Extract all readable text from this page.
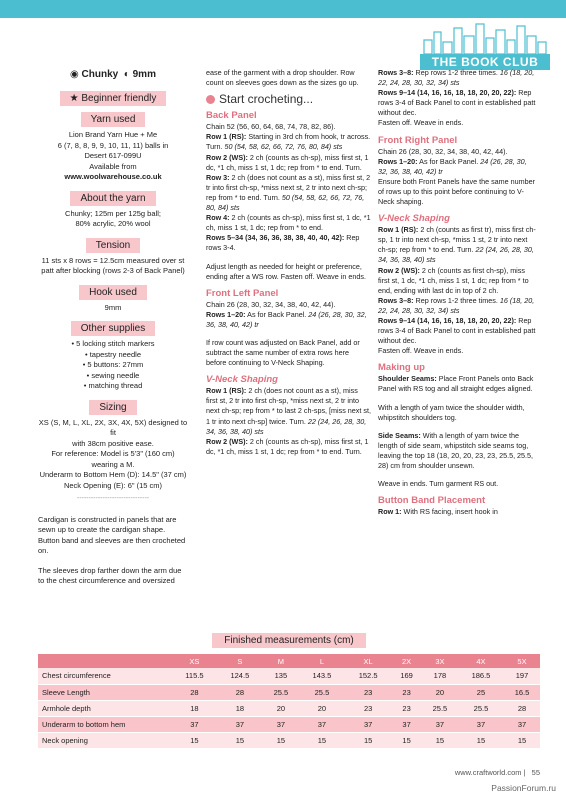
THE BOOK CLUB
◉ Chunky ◐ 9mm
★ Beginner friendly
Yarn used
Lion Brand Yarn Hue + Me
6 (7, 8, 8, 9, 9, 10, 11, 11) balls in
Desert 617-099U
Available from
www.woolwarehouse.co.uk
About the yarn
Chunky; 125m per 125g ball;
80% acrylic, 20% wool
Tension
11 sts x 8 rows = 12.5cm measured over st
patt after blocking (rows 2-3 of Back Panel)
Hook used
9mm
Other supplies
• 5 locking stitch markers
• tapestry needle
• 5 buttons: 27mm
• sewing needle
• matching thread
Sizing
XS (S, M, L, XL, 2X, 3X, 4X, 5X) designed to fit
with 38cm positive ease.
For reference: Model is 5'3" (160 cm)
wearing a M.
Underarm to Bottom Hem (D): 14.5" (37 cm)
Neck Opening (E): 6" (15 cm)
-------------------------------

Cardigan is constructed in panels that are sewn up to create the cardigan shape. Button band and sleeves are then crocheted on.

The sleeves drop farther down the arm due to the chest circumference and oversized

ease of the garment with a drop shoulder. Row count on sleeves goes down as the sizes go up.
Start crocheting...
Back Panel
Chain 52 (56, 60, 64, 68, 74, 78, 82, 86).
Row 1 (RS): Starting in 3rd ch from hook, tr across. Turn. 50 (54, 58, 62, 66, 72, 76, 80, 84) sts
Row 2 (WS): 2 ch (counts as ch-sp), miss first st, 1 dc, *1 ch, miss 1 st, 1 dc; rep from * to end. Turn.
Row 3: 2 ch (does not count as a st), miss first st, 2 tr into first ch-sp, *miss next st, 2 tr into next ch-sp; rep from * to end. Turn. 50 (54, 58, 62, 66, 72, 76, 80, 84) sts
Row 4: 2 ch (counts as ch-sp), miss first st, 1 dc, *1 ch, miss 1 st, 1 dc; rep from * to end.
Rows 5–34 (34, 36, 36, 38, 38, 40, 40, 42): Rep rows 3-4.
Adjust length as needed for height or preference, ending after a WS row. Fasten off. Weave in ends.
Front Left Panel
Chain 26 (28, 30, 32, 34, 38, 40, 42, 44).
Rows 1–20: As for Back Panel. 24 (26, 28, 30, 32, 36, 38, 40, 42) tr
If row count was adjusted on Back Panel, add or subtract the same number of extra rows here before continuing to V-Neck Shaping.
V-Neck Shaping
Row 1 (RS): 2 ch (does not count as a st), miss first st, 2 tr into first ch-sp, *miss next st, 2 tr into next ch-sp; rep from * to last 2 ch-sps, [miss next st, 1 tr into next ch-sp] twice. Turn. 22 (24, 26, 28, 30, 34, 36, 38, 40) sts
Row 2 (WS): 2 ch (counts as ch-sp), miss first st, 1 dc, *1 ch, miss 1 st, 1 dc; rep from * to end. Turn.
Rows 3–8: Rep rows 1-2 three times. 16 (18, 20, 22, 24, 28, 30, 32, 34) sts
Rows 9–14 (14, 16, 16, 18, 18, 20, 20, 22): Rep rows 3-4 of Back Panel to cont in established patt without dec.
Fasten off. Weave in ends.
Front Right Panel
Chain 26 (28, 30, 32, 34, 38, 40, 42, 44).
Rows 1–20: As for Back Panel. 24 (26, 28, 30, 32, 36, 38, 40, 42) tr
Ensure both Front Panels have the same number of rows up to this point before continuing to V-Neck shaping.
V-Neck Shaping
Row 1 (RS): 2 ch (counts as first tr), miss first ch-sp, 1 tr into next ch-sp, *miss 1 st, 2 tr into next ch-sp; rep from * to end. Turn. 22 (24, 26, 28, 30, 34, 36, 38, 40) sts
Row 2 (WS): 2 ch (counts as first ch-sp), miss first st, 1 dc, *1 ch, miss 1 st, 1 dc; rep from * to end, ending with last dc in top of 2 ch.
Rows 3–8: Rep rows 1-2 three times. 16 (18, 20, 22, 24, 28, 30, 32, 34) sts
Rows 9–14 (14, 16, 16, 18, 18, 20, 20, 22): Rep rows 3-4 of Back Panel to cont in established patt without dec.
Fasten off. Weave in ends.
Making up
Shoulder Seams: Place Front Panels onto Back Panel with RS tog and all straight edges aligned.
With a length of yarn twice the shoulder width, whipstitch shoulders tog.
Side Seams: With a length of yarn twice the length of side seam, whipstitch side seams tog, leaving the top 18 (18, 20, 20, 23, 23, 25.5, 25.5, 28) cm from shoulder unsewn.
Weave in ends. Turn garment RS out.
Button Band Placement
Row 1: With RS facing, insert hook in
Finished measurements (cm)
	XS	S	M	L	XL	2X	3X	4X	5X
Chest circumference	115.5	124.5	135	143.5	152.5	169	178	186.5	197
Sleeve Length	28	28	25.5	25.5	23	23	20	25	16.5
Armhole depth	18	18	20	20	23	23	25.5	25.5	28
Underarm to bottom hem	37	37	37	37	37	37	37	37	37
Neck opening	15	15	15	15	15	15	15	15	15
www.craftworld.com | 55
PassionForum.ru
